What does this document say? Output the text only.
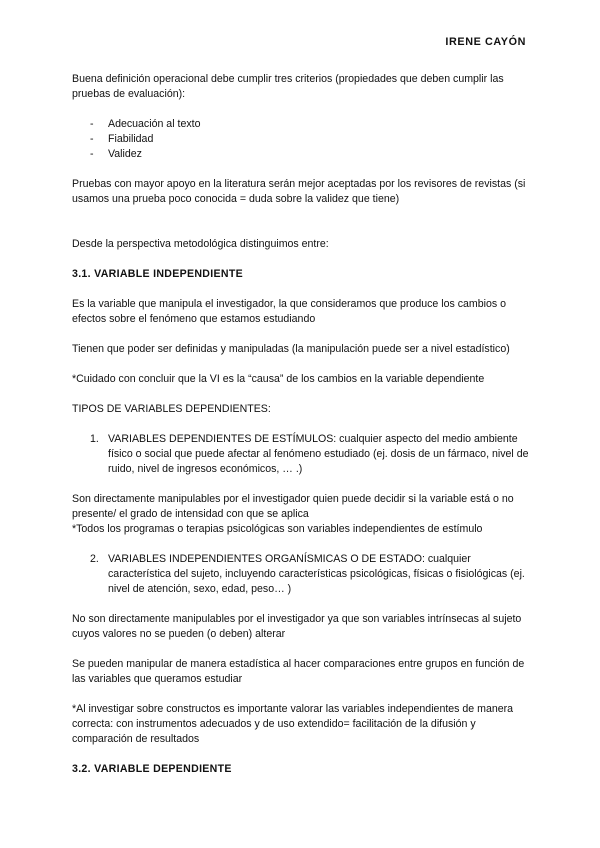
IRENE CAYÓN

Buena definición operacional debe cumplir tres criterios (propiedades que deben cumplir las pruebas de evaluación):

- Adecuación al texto
- Fiabilidad
- Validez

Pruebas con mayor apoyo en la literatura serán mejor aceptadas por los revisores de revistas (si usamos una prueba poco conocida = duda sobre la validez que tiene)

Desde la perspectiva metodológica distinguimos entre:

3.1. VARIABLE INDEPENDIENTE

Es la variable que manipula el investigador, la que consideramos que produce los cambios o efectos sobre el fenómeno que estamos estudiando

Tienen que poder ser definidas y manipuladas (la manipulación puede ser a nivel estadístico)

*Cuidado con concluir que la VI es la “causa” de los cambios en la variable dependiente

TIPOS DE VARIABLES DEPENDIENTES:

1. VARIABLES DEPENDIENTES DE ESTÍMULOS: cualquier aspecto del medio ambiente físico o social que puede afectar al fenómeno estudiado (ej. dosis de un fármaco, nivel de ruido, nivel de ingresos económicos, … .)

Son directamente manipulables por el investigador quien puede decidir si la variable está o no presente/ el grado de intensidad con que se aplica

*Todos los programas o terapias psicológicas son variables independientes de estímulo

2. VARIABLES INDEPENDIENTES ORGANÍSMICAS O DE ESTADO: cualquier característica del sujeto, incluyendo características psicológicas, físicas o fisiológicas (ej. nivel de atención, sexo, edad, peso… )

No son directamente manipulables por el investigador ya que son variables intrínsecas al sujeto cuyos valores no se pueden (o deben) alterar

Se pueden manipular de manera estadística al hacer comparaciones entre grupos en función de las variables que queramos estudiar

*Al investigar sobre constructos es importante valorar las variables independientes de manera correcta: con instrumentos adecuados y de uso extendido= facilitación de la difusión y comparación de resultados

3.2. VARIABLE DEPENDIENTE
